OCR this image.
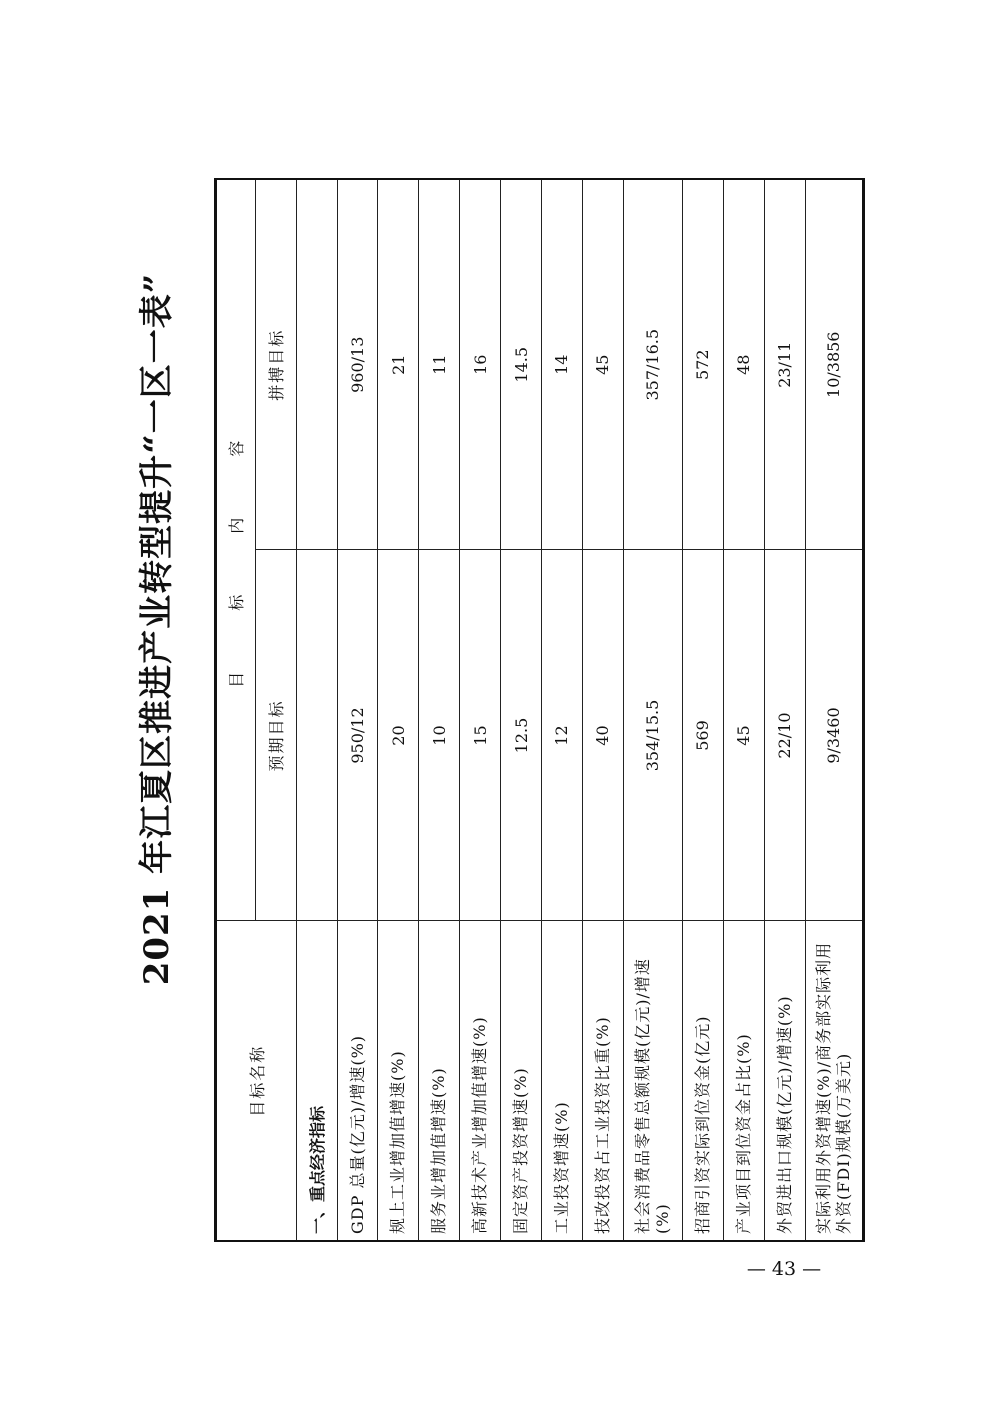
2021 年江夏区推进产业转型提升“一区一表”
目标名称	目 标 内 容	
	预期目标	拼搏目标
一、重点经济指标		
GDP 总量(亿元)/增速(%)	950/12	960/13
规上工业增加值增速(%)	20	21
服务业增加值增速(%)	10	11
高新技术产业增加值增速(%)	15	16
固定资产投资增速(%)	12.5	14.5
工业投资增速(%)	12	14
技改投资占工业投资比重(%)	40	45
社会消费品零售总额规模(亿元)/增速(%)	354/15.5	357/16.5
招商引资实际到位资金(亿元)	569	572
产业项目到位资金占比(%)	45	48
外贸进出口规模(亿元)/增速(%)	22/10	23/11
实际利用外资增速(%)/商务部实际利用外资(FDI)规模(万美元)	9/3460	10/3856
— 43 —
